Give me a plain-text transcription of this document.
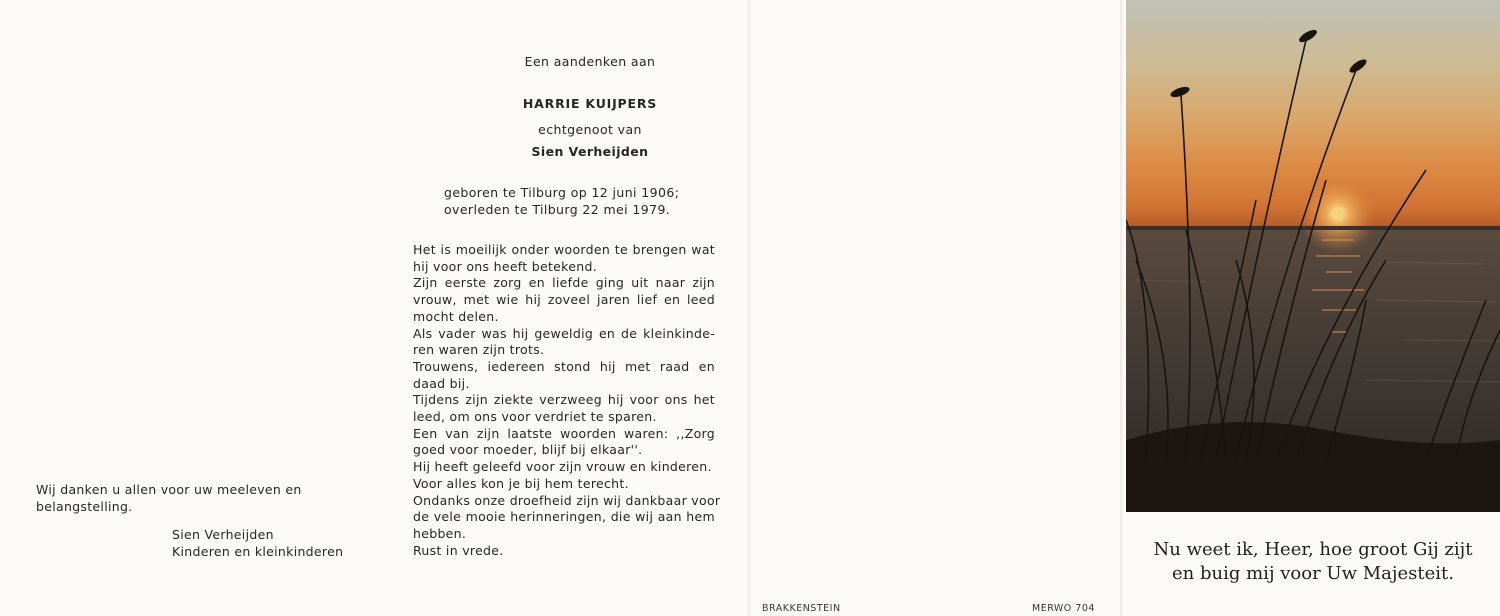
Een aandenken aan
HARRIE KUIJPERS
echtgenoot van
Sien Verheijden
geboren te Tilburg op 12 juni 1906;
overleden te Tilburg 22 mei 1979.
Het is moeilijk onder woorden te brengen wat
hij voor ons heeft betekend.
Zijn eerste zorg en liefde ging uit naar zijn
vrouw, met wie hij zoveel jaren lief en leed
mocht delen.
Als vader was hij geweldig en de kleinkinde-
ren waren zijn trots.
Trouwens, iedereen stond hij met raad en
daad bij.
Tijdens zijn ziekte verzweeg hij voor ons het
leed, om ons voor verdriet te sparen.
Een van zijn laatste woorden waren: ,,Zorg
goed voor moeder, blijf bij elkaar''.
Hij heeft geleefd voor zijn vrouw en kinderen.
Voor alles kon je bij hem terecht.
Ondanks onze droefheid zijn wij dankbaar voor
de vele mooie herinneringen, die wij aan hem
hebben.
Rust in vrede.
Wij danken u allen voor uw meeleven en
belangstelling.
Sien Verheijden
Kinderen en kleinkinderen	Nu weet ik, Heer, hoe groot Gij zijt
en buig mij voor Uw Majesteit.
BRAKKENSTEIN	MERWO 704
